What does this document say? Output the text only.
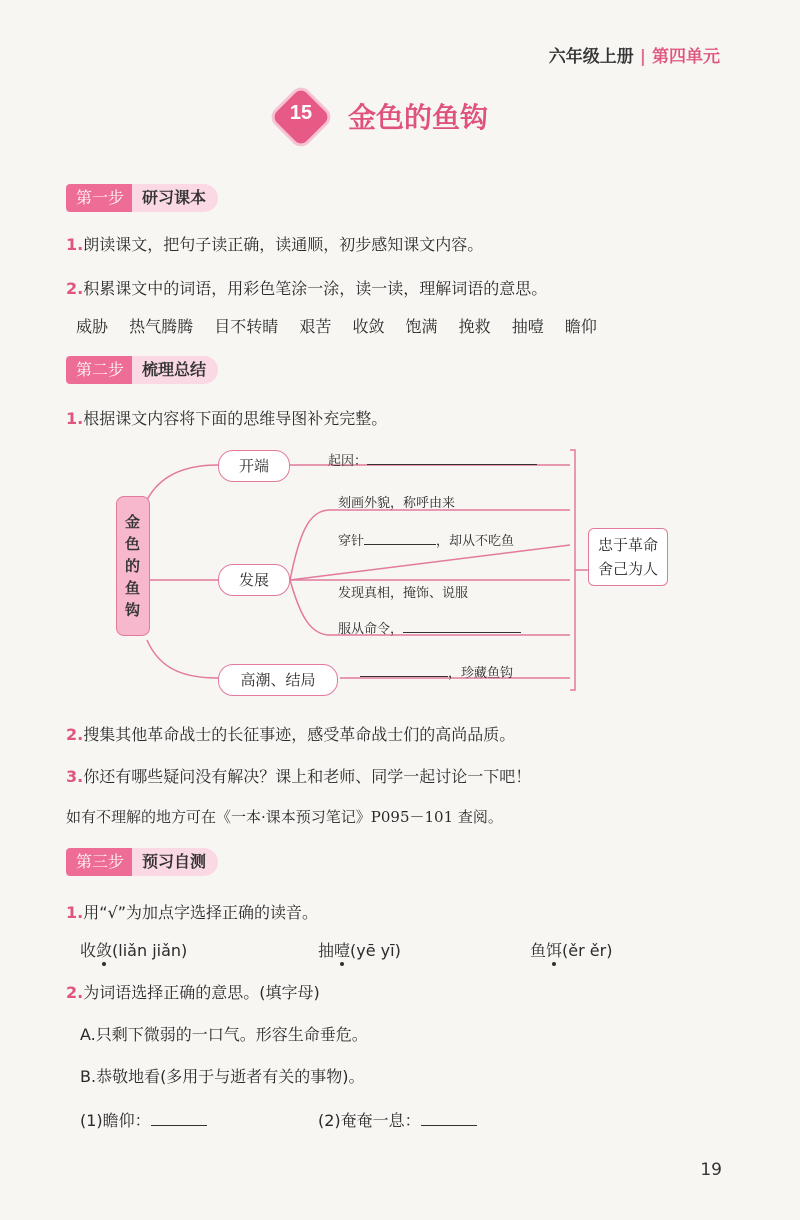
六年级上册 | 第四单元
15	金色的鱼钩
第一步	研习课本
1.朗读课文，把句子读正确，读通顺，初步感知课文内容。
2.积累课文中的词语，用彩色笔涂一涂，读一读，理解词语的意思。
威胁 热气腾腾 目不转睛 艰苦 收敛 饱满 挽救 抽噎 瞻仰
第二步	梳理总结
1.根据课文内容将下面的思维导图补充完整。
金
色
的
鱼
钩
开端	起因：
发展
刻画外貌，称呼由来
穿针	，却从不吃鱼
发现真相，掩饰、说服
服从命令，
高潮、结局	，珍藏鱼钩
忠于革命
舍己为人
2.搜集其他革命战士的长征事迹，感受革命战士们的高尚品质。
3.你还有哪些疑问没有解决？课上和老师、同学一起讨论一下吧！
如有不理解的地方可在《一本·课本预习笔记》P095－101 查阅。
第三步	预习自测
1.用“√”为加点字选择正确的读音。
收敛(liǎn jiǎn)	抽噎(yē yī)	鱼饵(ěr ěr)
2.为词语选择正确的意思。(填字母)
A.只剩下微弱的一口气。形容生命垂危。
B.恭敬地看(多用于与逝者有关的事物)。
(1)瞻仰：	(2)奄奄一息：
19
